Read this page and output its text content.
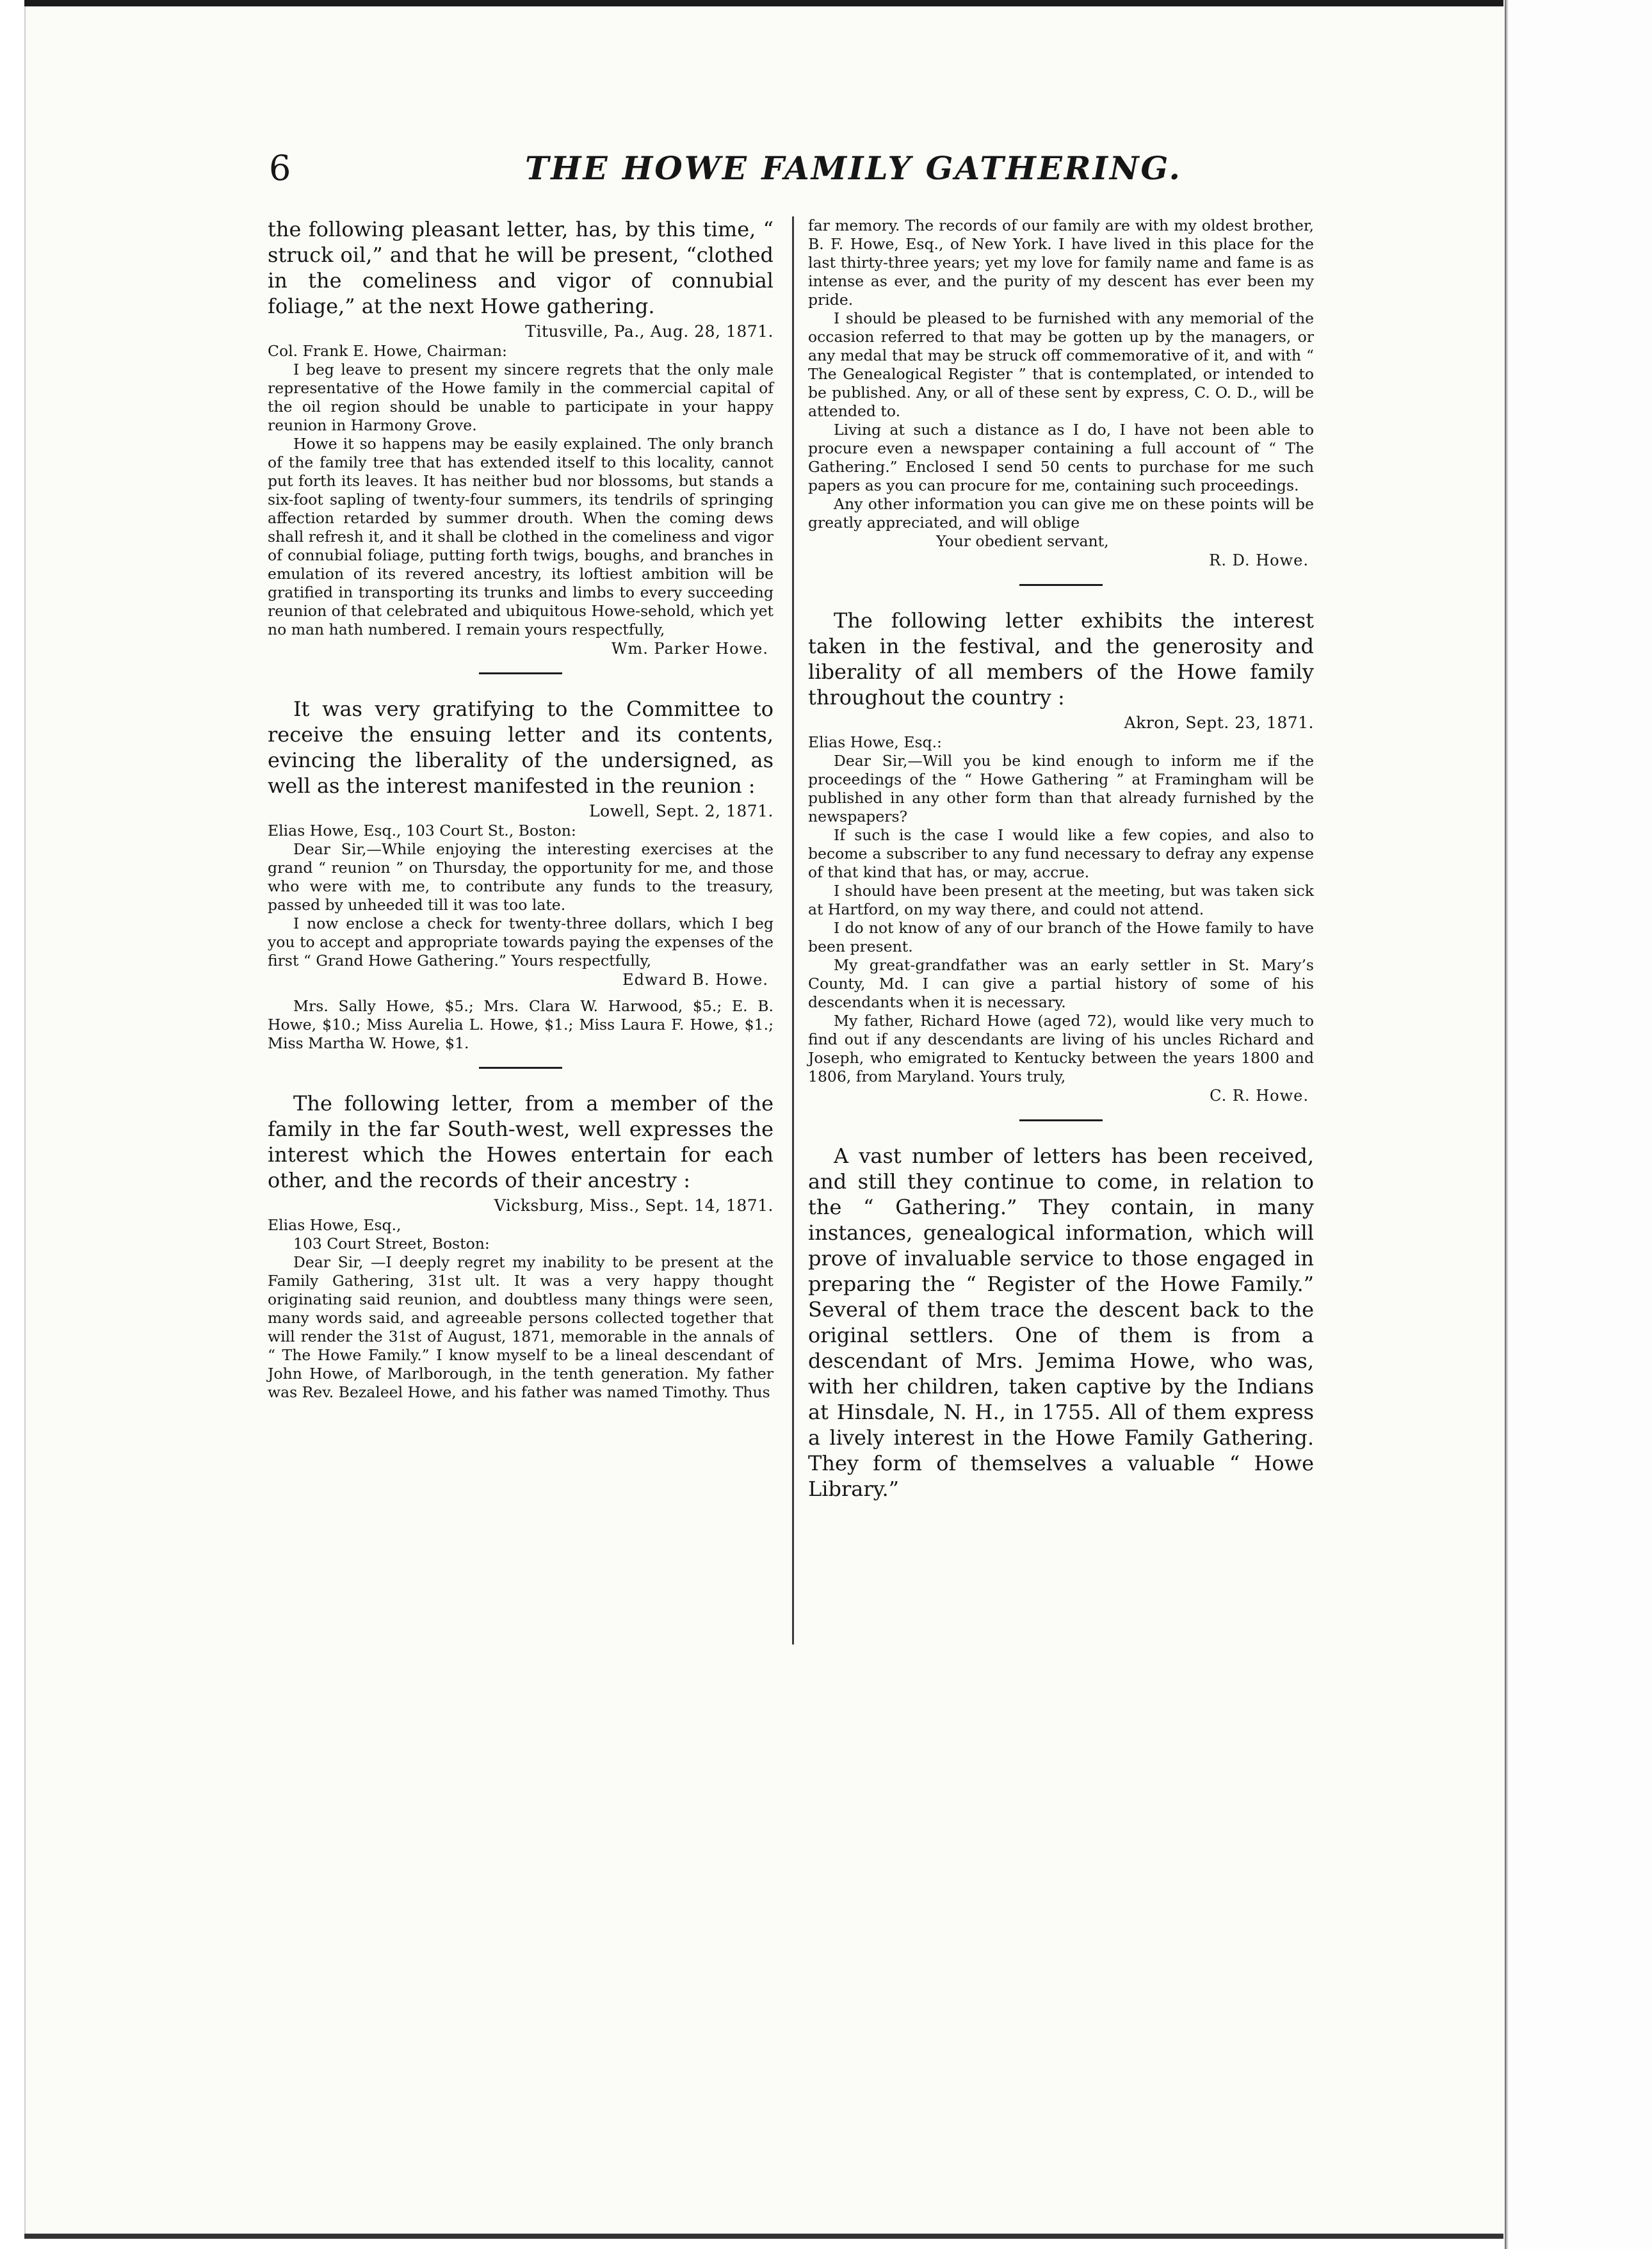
6	THE HOWE FAMILY GATHERING.

the following pleasant letter, has, by this time, “ struck oil,” and that he will be present, “clothed in the comeliness and vigor of connubial foliage,” at the next Howe gathering.

Titusville, Pa., Aug. 28, 1871.

Col. Frank E. Howe, Chairman:

I beg leave to present my sincere regrets that the only male representative of the Howe family in the commercial capital of the oil region should be unable to participate in your happy reunion in Harmony Grove.

Howe it so happens may be easily explained. The only branch of the family tree that has extended itself to this locality, cannot put forth its leaves. It has neither bud nor blossoms, but stands a six-foot sapling of twenty-four summers, its tendrils of springing affection retarded by summer drouth. When the coming dews shall refresh it, and it shall be clothed in the comeliness and vigor of connubial foliage, putting forth twigs, boughs, and branches in emulation of its revered ancestry, its loftiest ambition will be gratified in transporting its trunks and limbs to every succeeding reunion of that celebrated and ubiquitous Howe-sehold, which yet no man hath numbered. I remain yours respectfully,

Wm. Parker Howe.

It was very gratifying to the Committee to receive the ensuing letter and its contents, evincing the liberality of the undersigned, as well as the interest manifested in the reunion :

Lowell, Sept. 2, 1871.

Elias Howe, Esq., 103 Court St., Boston:

Dear Sir,—While enjoying the interesting exercises at the grand “ reunion ” on Thursday, the opportunity for me, and those who were with me, to contribute any funds to the treasury, passed by unheeded till it was too late.

I now enclose a check for twenty-three dollars, which I beg you to accept and appropriate towards paying the expenses of the first “ Grand Howe Gathering.” Yours respectfully,

Edward B. Howe.

Mrs. Sally Howe, $5.; Mrs. Clara W. Harwood, $5.; E. B. Howe, $10.; Miss Aurelia L. Howe, $1.; Miss Laura F. Howe, $1.; Miss Martha W. Howe, $1.

The following letter, from a member of the family in the far South-west, well expresses the interest which the Howes entertain for each other, and the records of their ancestry :

Vicksburg, Miss., Sept. 14, 1871.

Elias Howe, Esq.,

103 Court Street, Boston:

Dear Sir, —I deeply regret my inability to be present at the Family Gathering, 31st ult. It was a very happy thought originating said reunion, and doubtless many things were seen, many words said, and agreeable persons collected together that will render the 31st of August, 1871, memorable in the annals of “ The Howe Family.” I know myself to be a lineal descendant of John Howe, of Marlborough, in the tenth generation. My father was Rev. Bezaleel Howe, and his father was named Timothy. Thus

far memory. The records of our family are with my oldest brother, B. F. Howe, Esq., of New York. I have lived in this place for the last thirty-three years; yet my love for family name and fame is as intense as ever, and the purity of my descent has ever been my pride.

I should be pleased to be furnished with any memorial of the occasion referred to that may be gotten up by the managers, or any medal that may be struck off commemorative of it, and with “ The Genealogical Register ” that is contemplated, or intended to be published. Any, or all of these sent by express, C. O. D., will be attended to.

Living at such a distance as I do, I have not been able to procure even a newspaper containing a full account of “ The Gathering.” Enclosed I send 50 cents to purchase for me such papers as you can procure for me, containing such proceedings.

Any other information you can give me on these points will be greatly appreciated, and will oblige

Your obedient servant,

R. D. Howe.

The following letter exhibits the interest taken in the festival, and the generosity and liberality of all members of the Howe family throughout the country :

Akron, Sept. 23, 1871.

Elias Howe, Esq.:

Dear Sir,—Will you be kind enough to inform me if the proceedings of the “ Howe Gathering ” at Framingham will be published in any other form than that already furnished by the newspapers?

If such is the case I would like a few copies, and also to become a subscriber to any fund necessary to defray any expense of that kind that has, or may, accrue.

I should have been present at the meeting, but was taken sick at Hartford, on my way there, and could not attend.

I do not know of any of our branch of the Howe family to have been present.

My great-grandfather was an early settler in St. Mary’s County, Md. I can give a partial history of some of his descendants when it is necessary.

My father, Richard Howe (aged 72), would like very much to find out if any descendants are living of his uncles Richard and Joseph, who emigrated to Kentucky between the years 1800 and 1806, from Maryland. Yours truly,

C. R. Howe.

A vast number of letters has been received, and still they continue to come, in relation to the “ Gathering.” They contain, in many instances, genealogical information, which will prove of invaluable service to those engaged in preparing the “ Register of the Howe Family.” Several of them trace the descent back to the original settlers. One of them is from a descendant of Mrs. Jemima Howe, who was, with her children, taken captive by the Indians at Hinsdale, N. H., in 1755. All of them express a lively interest in the Howe Family Gathering. They form of themselves a valuable “ Howe Library.”
